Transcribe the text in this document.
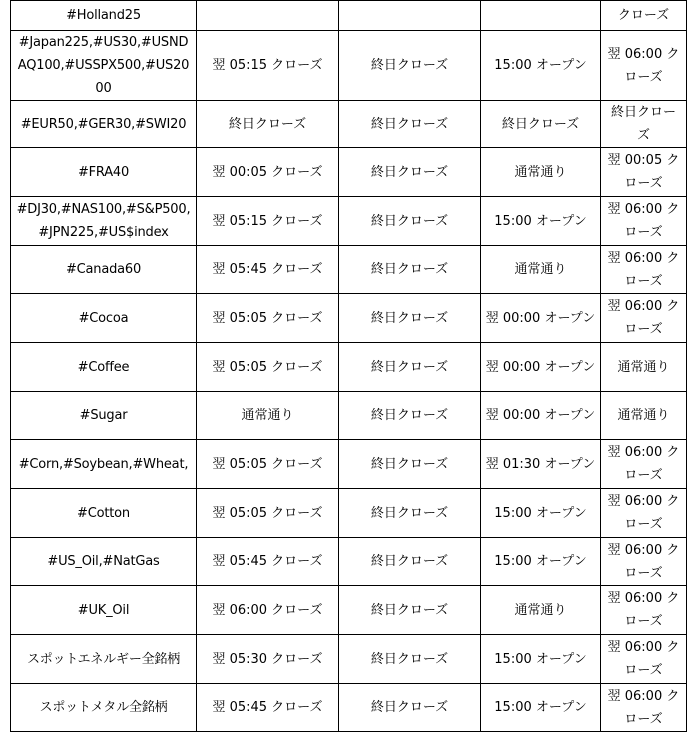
#Holland25				クローズ
#Japan225,#US30,#USNDAQ100,#USSPX500,#US2000	翌 05:15 クローズ	終日クローズ	15:00 オープン	翌 06:00 クローズ
#EUR50,#GER30,#SWI20	終日クローズ	終日クローズ	終日クローズ	終日クローズ
#FRA40	翌 00:05 クローズ	終日クローズ	通常通り	翌 00:05 クローズ
#DJ30,#NAS100,#S&P500,#JPN225,#US$index	翌 05:15 クローズ	終日クローズ	15:00 オープン	翌 06:00 クローズ
#Canada60	翌 05:45 クローズ	終日クローズ	通常通り	翌 06:00 クローズ
#Cocoa	翌 05:05 クローズ	終日クローズ	翌 00:00 オープン	翌 06:00 クローズ
#Coffee	翌 05:05 クローズ	終日クローズ	翌 00:00 オープン	通常通り
#Sugar	通常通り	終日クローズ	翌 00:00 オープン	通常通り
#Corn,#Soybean,#Wheat,	翌 05:05 クローズ	終日クローズ	翌 01:30 オープン	翌 06:00 クローズ
#Cotton	翌 05:05 クローズ	終日クローズ	15:00 オープン	翌 06:00 クローズ
#US_Oil,#NatGas	翌 05:45 クローズ	終日クローズ	15:00 オープン	翌 06:00 クローズ
#UK_Oil	翌 06:00 クローズ	終日クローズ	通常通り	翌 06:00 クローズ
スポットエネルギー全銘柄	翌 05:30 クローズ	終日クローズ	15:00 オープン	翌 06:00 クローズ
スポットメタル全銘柄	翌 05:45 クローズ	終日クローズ	15:00 オープン	翌 06:00 クローズ
